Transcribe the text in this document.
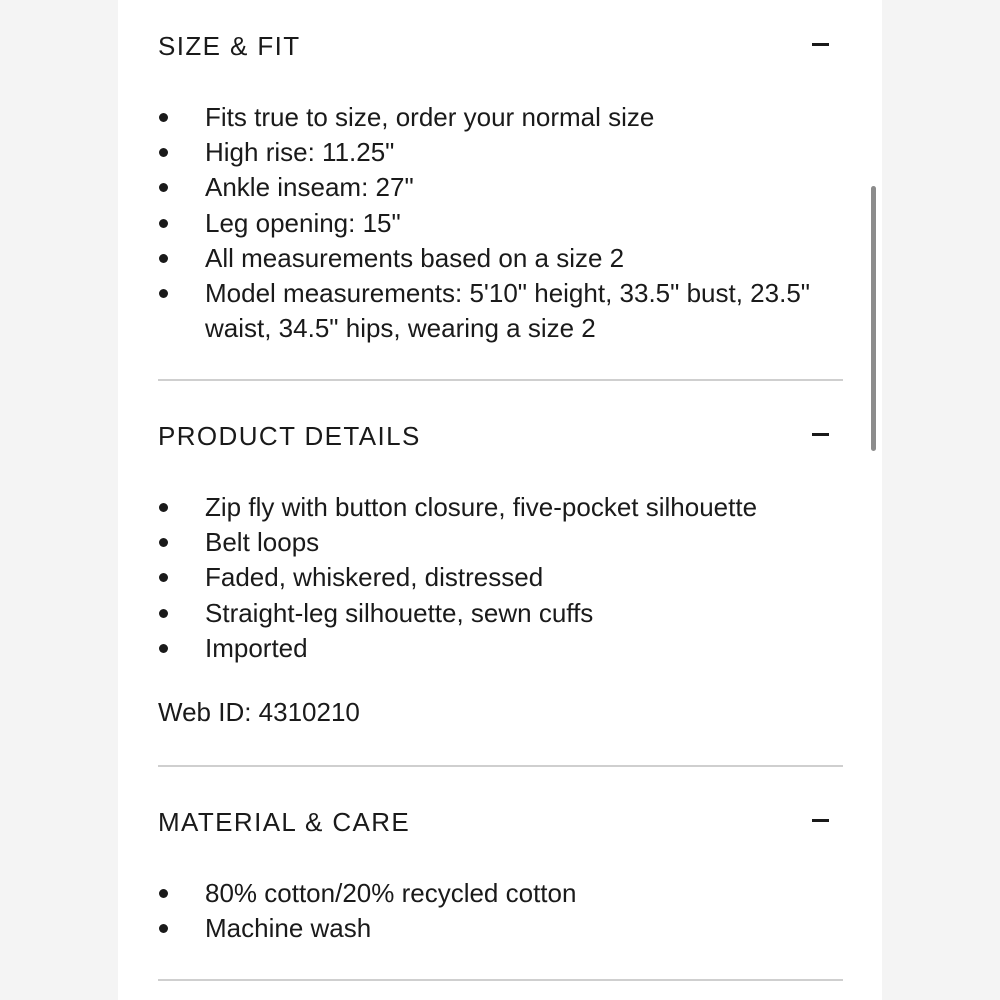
SIZE & FIT
Fits true to size, order your normal size
High rise: 11.25"
Ankle inseam: 27"
Leg opening: 15"
All measurements based on a size 2
Model measurements: 5'10" height, 33.5" bust, 23.5" waist, 34.5" hips, wearing a size 2
PRODUCT DETAILS
Zip fly with button closure, five-pocket silhouette
Belt loops
Faded, whiskered, distressed
Straight-leg silhouette, sewn cuffs
Imported
Web ID: 4310210
MATERIAL & CARE
80% cotton/20% recycled cotton
Machine wash
